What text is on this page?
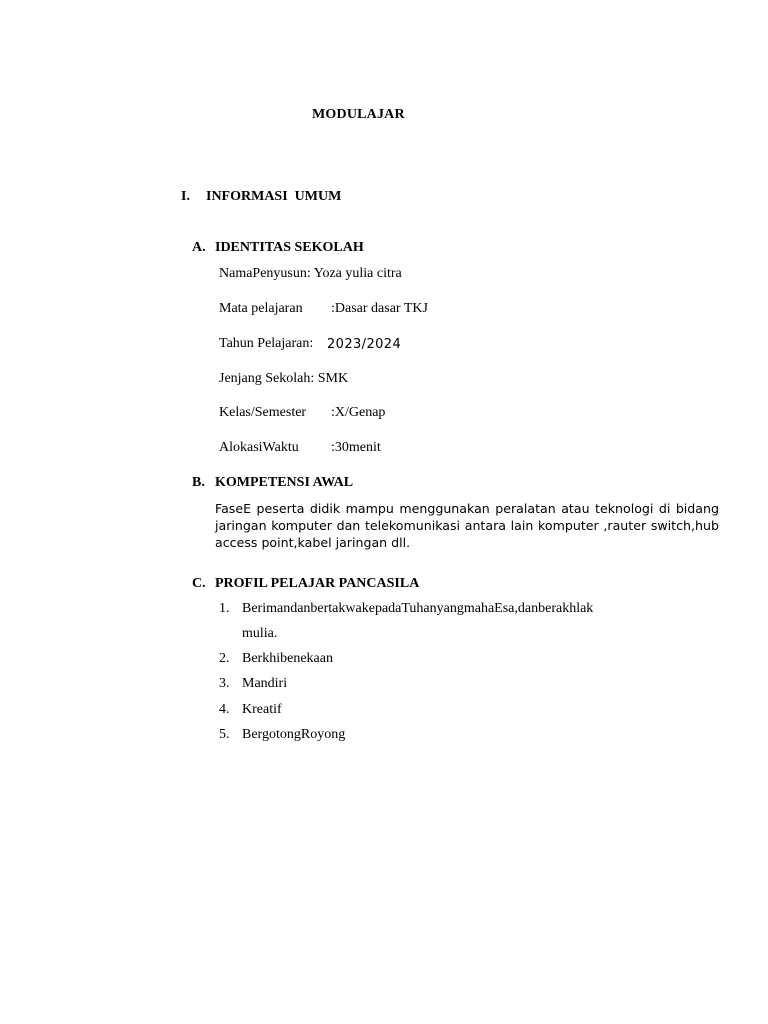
MODULAJAR
I. INFORMASI  UMUM
A. IDENTITAS SEKOLAH
NamaPenyusun: Yoza yulia citra
Mata pelajaran :Dasar dasar TKJ
Tahun Pelajaran: 2023/2024
Jenjang Sekolah: SMK
Kelas/Semester :X/Genap
AlokasiWaktu :30menit
B. KOMPETENSI AWAL
FaseE peserta didik mampu menggunakan peralatan atau teknologi di bidang jaringan komputer dan telekomunikasi antara lain komputer ,rauter switch,hub access point,kabel jaringan dll.
C. PROFIL PELAJAR PANCASILA
1. BerimandanbertakwakepadaTuhanyangmahaEsa,danberakhlak
mulia.
2. Berkhibenekaan
3. Mandiri
4. Kreatif
5. BergotongRoyong
